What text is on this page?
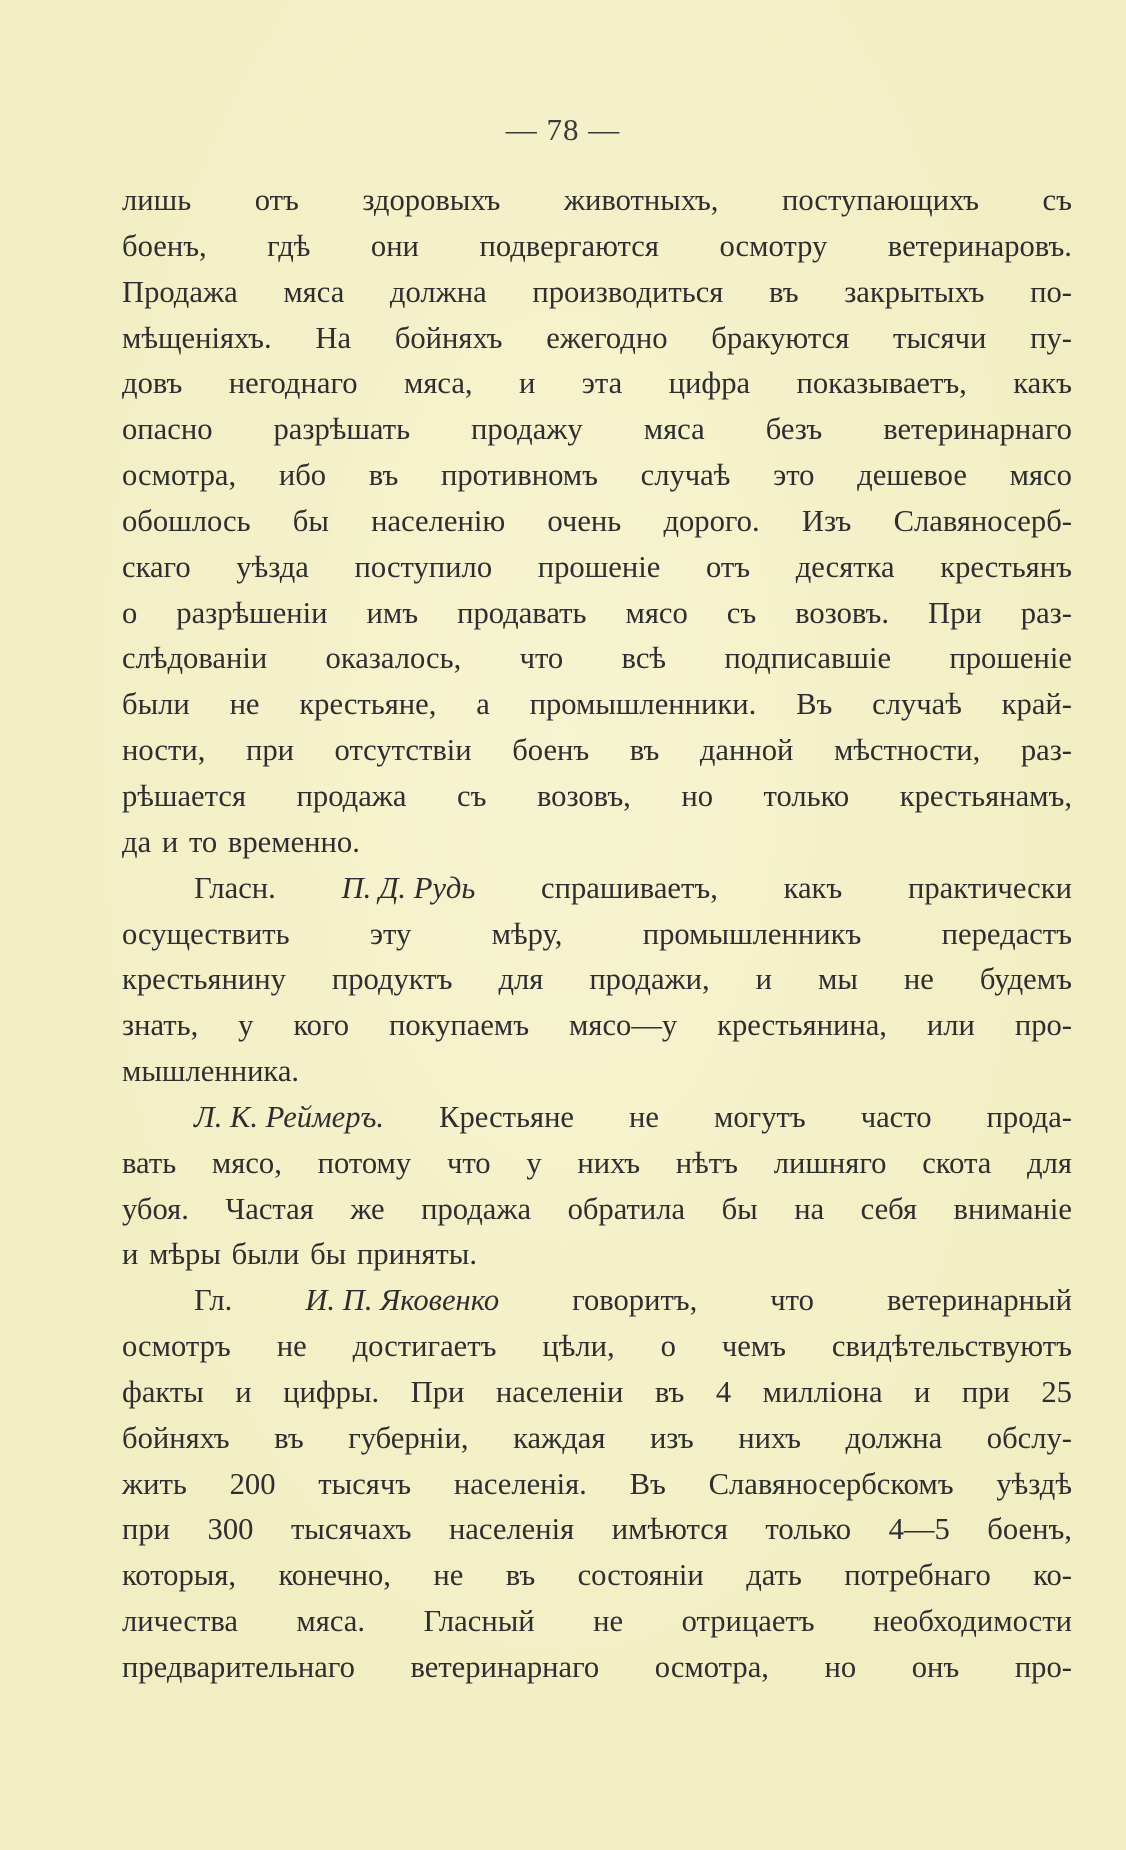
— 78 —
лишь отъ здоровыхъ животныхъ, поступающихъ съ
боенъ, гдѣ они подвергаются осмотру ветеринаровъ.
Продажа мяса должна производиться въ закрытыхъ по-
мѣщеніяхъ. На бойняхъ ежегодно бракуются тысячи пу-
довъ негоднаго мяса, и эта цифра показываетъ, какъ
опасно разрѣшать продажу мяса безъ ветеринарнаго
осмотра, ибо въ противномъ случаѣ это дешевое мясо
обошлось бы населенію очень дорого. Изъ Славяносерб-
скаго уѣзда поступило прошеніе отъ десятка крестьянъ
о разрѣшеніи имъ продавать мясо съ возовъ. При раз-
слѣдованіи оказалось, что всѣ подписавшіе прошеніе
были не крестьяне, а промышленники. Въ случаѣ край-
ности, при отсутствіи боенъ въ данной мѣстности, раз-
рѣшается продажа съ возовъ, но только крестьянамъ,
да и то временно.
Гласн. П. Д. Рудь спрашиваетъ, какъ практически
осуществить	эту	мѣру,	промышленникъ	передастъ
крестьянину продуктъ для продажи, и мы не будемъ
знать, у кого покупаемъ мясо—у крестьянина, или про-
мышленника.
Л. К. Реймеръ. Крестьяне не могутъ часто прода-
вать мясо, потому что у нихъ нѣтъ лишняго скота для
убоя. Частая же продажа обратила бы на себя вниманіе
и мѣры были бы приняты.
Гл. И. П. Яковенко говоритъ, что ветеринарный
осмотръ не достигаетъ цѣли, о чемъ свидѣтельствуютъ
факты и цифры. При населеніи въ 4 милліона и при 25
бойняхъ въ губерніи, каждая изъ нихъ должна обслу-
жить 200 тысячъ населенія. Въ Славяносербскомъ уѣздѣ
при 300 тысячахъ населенія имѣются только 4—5 боенъ,
которыя, конечно, не въ состояніи дать потребнаго ко-
личества мяса. Гласный не отрицаетъ необходимости
предварительнаго ветеринарнаго осмотра, но онъ про-
